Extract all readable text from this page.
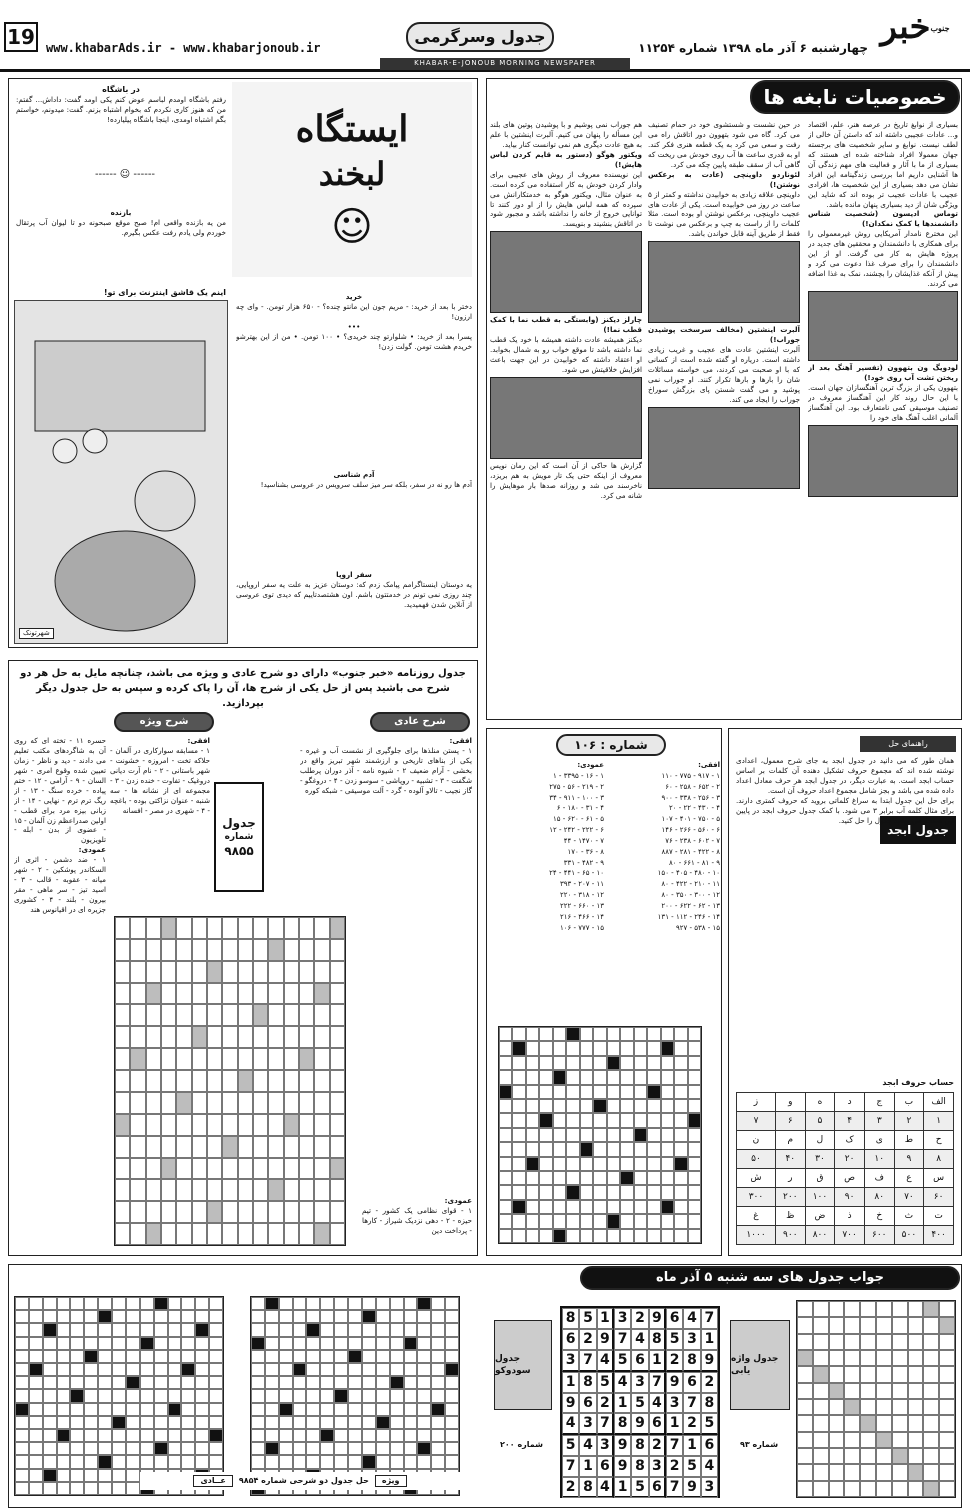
19 www.khabarAds.ir - www.khabarjonoub.ir
جدول وسرگرمی
چهارشنبه ۶ آذر ماه ۱۳۹۸ شماره ۱۱۲۵۴
خبر جنوب
KHABAR-E-JONOUB MORNING NEWSPAPER
ایستگاه
لبخند
☺
در باشگاه
رفتم باشگاه اومدم لباسم عوض کنم یکی اومد گفت: داداش... گفتم: من که هنوز کاری نکردم که بخوام اشتباه بزنم. گفت: میدونم، خواستم بگم اشتباه اومدی، اینجا باشگاه پیلیارده!
------ ☺ ------
بازنده
من یه بازنده واقعی ام! صبح موقع صبحونه دو تا لیوان آب پرتقال خوردم ولی یادم رفت عکس بگیرم.
اینم یک قاشق اینترنت برای تو!
شهرتونک
خرید
دختر با بعد از خرید: - مریم جون این مانتو چنده؟ - ۶۵۰ هزار تومن. - وای چه ارزون!
•••
پسرا بعد از خرید: • شلوارتو چند خریدی؟ • ۱۰۰ تومن. • من از این بهترشو خریدم هشت تومن. گولت زدن!
آدم شناسی
آدم ها رو نه در سفر، بلکه سر میز سلف سرویس در عروسی بشناسید!
سفر اروپا
یه دوستان اینستاگرامم پیامک زدم که: دوستان عزیز به علت یه سفر اروپایی، چند روزی نمی تونم در خدمتتون باشم. اون هشتصدتاییم که دیدی توی عروسی از آنلاین شدن فهمیدید.
خصوصیات نابغه ها
بسیاری از نوابغ تاریخ در عرصه هنر، علم، اقتصاد و... عادات عجیبی داشته اند که داستن آن خالی از لطف نیست. نوابغ و سایر شخصیت های برجسته جهان معمولا افراد شناخته شده ای هستند که بسیاری از ما با آثار و فعالیت های مهم زندگی آن ها آشنایی داریم اما بررسی زندگینامه این افراد نشان می دهد بسیاری از این شخصیت ها، افرادی عجیب با عادات عجیب تر بوده اند که شاید این ویژگی شان از دید بسیاری پنهان مانده باشد.
توماس ادیسون (شخصیت شناس دانشمندها یا کمک نمکدان!)
این مخترع نامدار آمریکایی روش غیرمعمولی را برای همکاری با دانشمندان و محققین های جدید در پروژه هایش به کار می گرفت. او از این دانشمندان را برای صرف غذا دعوت می کرد و پیش از آنکه غذایشان را بچشند، نمک به غذا اضافه می کردند.
لودویگ ون بتهوون (تفسیر آهنگ بعد از ریختن تشت آب روی خود!)
بتهوون یکی از بزرگ ترین آهنگسازان جهان است. با این حال روند کار این آهنگساز معروف در تصنیف موسیقی کمی نامتعارف بود. این آهنگساز آلمانی اغلب آهنگ های خود را
در حین نشست و شستشوی خود در حمام تصنیف می کرد. گاه می شود بتهوون دور اتاقش راه می رفت و سعی می کرد به یک قطعه هنری فکر کند. او به قدری ساعت ها آب روی خودش می ریخت که گاهی آب از سقف طبقه پایین چکه می کرد.
لئوناردو داوینچی (عادت به برعکس نوشتن!)
داوینچی علاقه زیادی به خوابیدن نداشته و کمتر از ۵ ساعت در روز می خوابیده است. یکی از عادت های عجیب داوینچی، برعکس نوشتن او بوده است. مثلا کلمات را از راست به چپ و برعکس می نوشت تا فقط از طریق آینه قابل خواندن باشد.
آلبرت اینشتین (مخالف سرسخت پوشیدن جوراب!)
آلبرت اینشتین عادت های عجیب و غریب زیادی داشته است. دریاره او گفته شده است از کسانی که با او صحبت می کردند، می خواسته مسائلات شان را بارها و بارها تکرار کنند. او جوراب نمی پوشید و می گفت شستن پای بزرگش سوراخ جوراب را ایجاد می کند.
هم جوراب نمی پوشیم و با پوشیدن پوتین های بلند این مسأله را پنهان می کنیم. آلبرت اینشتین با علم به هیچ عادت دیگری هم نمی توانست کنار بیاید.
ویکتور هوگو (دستور به قایم کردن لباس هایش!)
این نویسنده معروف از روش های عجیبی برای وادار کردن خودش به کار استفاده می کرده است. به عنوان مثال، ویکتور هوگو به خدمتکارانش می سپرده که همه لباس هایش را از او دور کنند تا توانایی خروج از خانه را نداشته باشد و مجبور شود در اتاقش بنشیند و بنویسد.
چارلز دیکنز (وابستگی به قطب نما با کمک قطب نما!)
دیکنز همیشه عادت داشته همیشه با خود یک قطب نما داشته باشد تا موقع خواب رو به شمال بخوابد. او اعتقاد داشته که خوابیدن در این جهت باعث افزایش خلاقیتش می شود.
گزارش ها حاکی از آن است که این رمان نویس معروف از اینکه حتی یک تار مویش به هم بریزد، ناخرسند می شد و روزانه صدها بار موهایش را شانه می کرد.
جدول روزنامه «خبر جنوب» دارای دو شرح عادی و ویژه می باشد، چنانچه مایل به حل هر دو شرح می باشید پس از حل یکی از شرح ها، آن را پاک کرده و سپس به حل جدول دیگر بپردازید.
شرح عادی
شرح ویژه
جدول
شماره
۹۸۵۵
افقی:
۱ - پستن منلذها برای جلوگیری از نشست آب و غیره - یکی از بناهای تاریخی و ارزشمند شهر تبریز واقع در بخشی - آرام ضعیف ۲ - شیوه نامه - آذر دوران پرطلب شگفت - ۳ - تشبیه - روپاشی - سوسو زدن - ۴ - دروغگو - گاز نجیب - تالاو آلوده - گرد - آلت موسیقی - شبکه کوره
افقی:
۱ - مسابقه سوارکاری در آلمان - حلاکه تخت - امروزه - خشونت - شهر باستانی - ۲ - نام آرت دیانی دروغیک - تفاوت - خنده زدن - ۳ - مجموعه ای از نشانه ها - سه شنبه - عنوان نزاکتی بوده - باغچه - ۴ - شهری در مصر - افسانه
حسره ۱۱ - تخته ای که روی آن به شاگردهای مکتب تعلیم می دادند - دید و ناظر - زمان تعیین شده وقوع امری - شهر السان - ۹ - آرامی - ۱۲ - ختم پیاده - خرده سنگ - ۱۳ - از ریگ ترم ترم - نهایی - ۱۴ - از زبانی بیزه مرد برای قطب - اولین صدراعظم زن آلمان - ۱۵ - عضوی از بدن - ابله - تلویزیون
عمودی:
۱ - ضد دشمن - اثری از السکاندر پوشکین - ۲ - شهر میانه - عقوبه - قالب - ۳ - اسید تیز - سر ماهی - مقر بیرون - بلند - ۴ - کشوری جزیره ای در اقیانوس هند
عمودی:
۱ - قوای نظامی یک کشور - تیم حیزه - ۲ - دهی نزدیک شیراز - کارها - پرداخت دین
شماره : ۱۰۶
افقی:
۱ - ۹۱۷ - ۷۷۵ - ۱۱۰
۲ - ۶۵۲ - ۲۵۸ - ۶۰
۳ - ۲۵۶ - ۳۳۸ - ۹۰۰
۴ - ۴۳۰ - ۲۲ - ۲۰
۵ - ۷۵۰ - ۴۰۱ - ۱۰۷
۶ - ۵۶۰ - ۲۶۶ - ۱۴۶
۷ - ۶۰۲ - ۲۳۸ - ۷۶
۸ - ۴۲۲ - ۲۸۱ - ۸۸۷
۹ - ۸۱ - ۶۶۱ - ۸۰
۱۰ - ۴۸۰ - ۴۰۵ - ۱۵۰
۱۱ - ۲۱۰ - ۴۲۲ - ۸۰
۱۲ - ۳۰۰ - ۳۵۰ - ۸۰
۱۳ - ۶۲ - ۶۲۲ - ۲۰۰
۱۴ - ۲۴۶ - ۱۱۲ - ۱۳۱
۱۵ - ۵۳۸ - ۹۲۷
عمودی:
۱ - ۱۶ - ۳۳۹۵ - ۱
۲ - ۲۱۹ - ۵۶ - ۲۷۵
۳ - ۱۰۰ - ۹۱۱ - ۳۴
۴ - ۳۱ - ۱۸۰ - ۶
۵ - ۶۱ - ۶۲۰ - ۱۵
۶ - ۲۲۲ - ۲۴۲ - ۱۲
۷ - ۱۴۷۰ - ۴۴
۸ - ۳۶ - ۱۷۰
۹ - ۴۸۲ - ۳۳۱
۱۰ - ۶۵ - ۴۴۱ - ۲۴
۱۱ - ۲۰۷ - ۳۹۳
۱۲ - ۳۱۸ - ۲۲۰
۱۳ - ۶۶۰ - ۲۲۲
۱۴ - ۴۶۶ - ۲۱۶
۱۵ - ۷۷۷ - ۱۰۶
راهنمای حل
جدول ابجد
همان طور که می دانید در جدول ابجد به جای شرح معمول، اعدادی نوشته شده اند که مجموع حروف تشکیل دهنده آن کلمات بر اساس حساب ابجد است. به عبارت دیگر، در جدول ابجد هر حرف معادل اعداد داده شده می باشد و بجز شامل مجموع اعداد حروف آن است.
برای حل این جدول ابتدا به سراغ کلماتی بروید که حروف کمتری دارند. برای مثال کلمه آب برابر ۳ می شود. با کمک جدول حروف ابجد در پایین این صفحه می توانید جدول را حل کنید.
حساب حروف ابجد
الف	ب	ج	د	ه	و	ز
۱	۲	۳	۴	۵	۶	۷
ح	ط	ی	ک	ل	م	ن
۸	۹	۱۰	۲۰	۳۰	۴۰	۵۰
س	ع	ف	ص	ق	ر	ش
۶۰	۷۰	۸۰	۹۰	۱۰۰	۲۰۰	۳۰۰
ت	ث	خ	ذ	ض	ظ	غ
۴۰۰	۵۰۰	۶۰۰	۷۰۰	۸۰۰	۹۰۰	۱۰۰۰
جواب جدول های سه شنبه ۵ آذر ماه
عــادی	حل جدول دو شرحی شماره ۹۸۵۴	ویژه
جدول سودوکو
شماره ۲۰۰
8 5 1 3 2 9 6 4 7
6 2 9 7 4 8 5 3 1
3 7 4 5 6 1 2 8 9
1 8 5 4 3 7 9 6 2
9 6 2 1 5 4 3 7 8
4 3 7 8 9 6 1 2 5
5 4 3 9 8 2 7 1 6
7 1 6 9 8 3 2 5 4
2 8 4 1 5 6 7 9 3
جدول واژه یابی
شماره ۹۳
